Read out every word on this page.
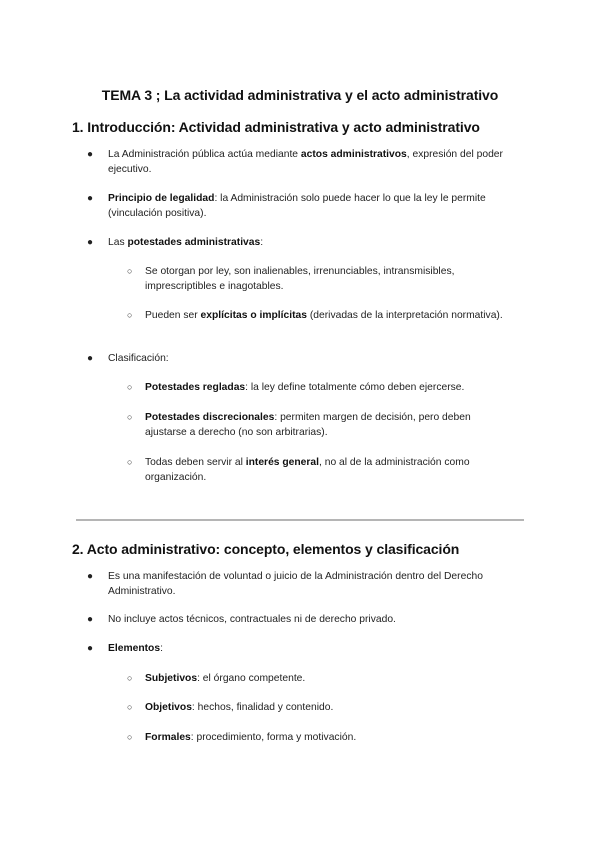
TEMA 3 ; La actividad administrativa y el acto administrativo
1. Introducción: Actividad administrativa y acto administrativo
● La Administración pública actúa mediante actos administrativos, expresión del poder ejecutivo.
● Principio de legalidad: la Administración solo puede hacer lo que la ley le permite (vinculación positiva).
● Las potestades administrativas:
○ Se otorgan por ley, son inalienables, irrenunciables, intransmisibles, imprescriptibles e inagotables.
○ Pueden ser explícitas o implícitas (derivadas de la interpretación normativa).
● Clasificación:
○ Potestades regladas: la ley define totalmente cómo deben ejercerse.
○ Potestades discrecionales: permiten margen de decisión, pero deben ajustarse a derecho (no son arbitrarias).
○ Todas deben servir al interés general, no al de la administración como organización.
2. Acto administrativo: concepto, elementos y clasificación
● Es una manifestación de voluntad o juicio de la Administración dentro del Derecho Administrativo.
● No incluye actos técnicos, contractuales ni de derecho privado.
● Elementos:
○ Subjetivos: el órgano competente.
○ Objetivos: hechos, finalidad y contenido.
○ Formales: procedimiento, forma y motivación.
